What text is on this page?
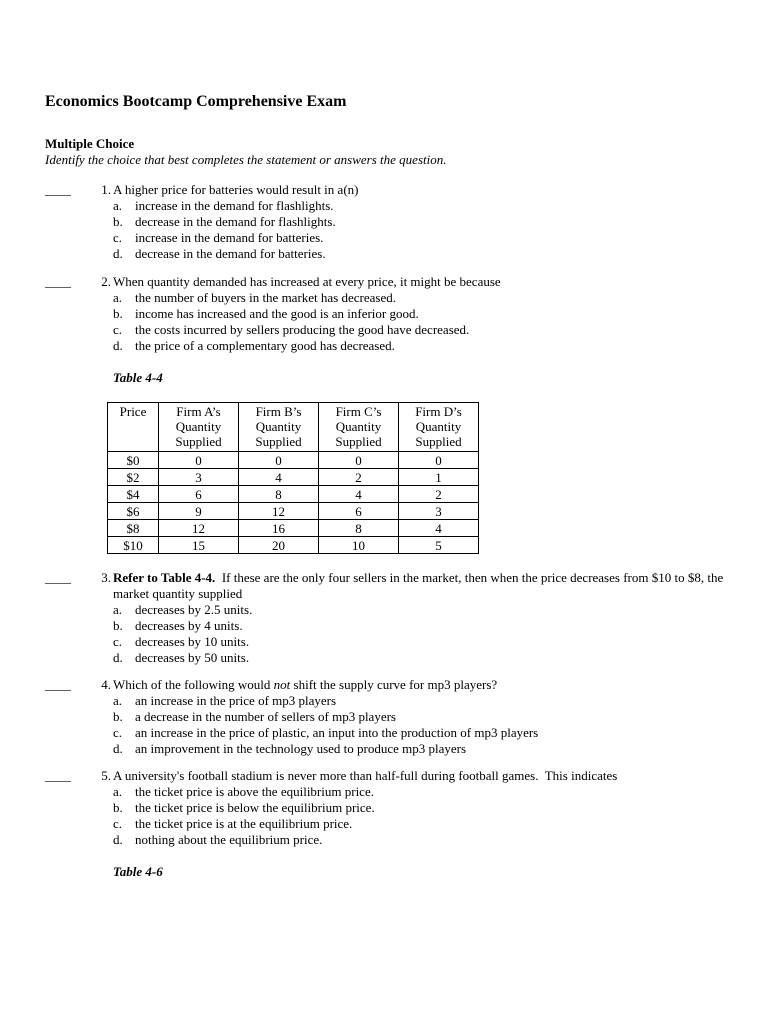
Economics Bootcamp Comprehensive Exam
Multiple Choice
Identify the choice that best completes the statement or answers the question.
____	1. A higher price for batteries would result in a(n)
a. increase in the demand for flashlights.
b. decrease in the demand for flashlights.
c. increase in the demand for batteries.
d. decrease in the demand for batteries.
____	2. When quantity demanded has increased at every price, it might be because
a. the number of buyers in the market has decreased.
b. income has increased and the good is an inferior good.
c. the costs incurred by sellers producing the good have decreased.
d. the price of a complementary good has decreased.
Table 4-4
Price	Firm A’s Quantity Supplied	Firm B’s Quantity Supplied	Firm C’s Quantity Supplied	Firm D’s Quantity Supplied
$0	0	0	0	0
$2	3	4	2	1
$4	6	8	4	2
$6	9	12	6	3
$8	12	16	8	4
$10	15	20	10	5
____	3. Refer to Table 4-4. If these are the only four sellers in the market, then when the price decreases from $10 to $8, the market quantity supplied
a. decreases by 2.5 units.
b. decreases by 4 units.
c. decreases by 10 units.
d. decreases by 50 units.
____	4. Which of the following would not shift the supply curve for mp3 players?
a. an increase in the price of mp3 players
b. a decrease in the number of sellers of mp3 players
c. an increase in the price of plastic, an input into the production of mp3 players
d. an improvement in the technology used to produce mp3 players
____	5. A university's football stadium is never more than half-full during football games.  This indicates
a. the ticket price is above the equilibrium price.
b. the ticket price is below the equilibrium price.
c. the ticket price is at the equilibrium price.
d. nothing about the equilibrium price.
Table 4-6
